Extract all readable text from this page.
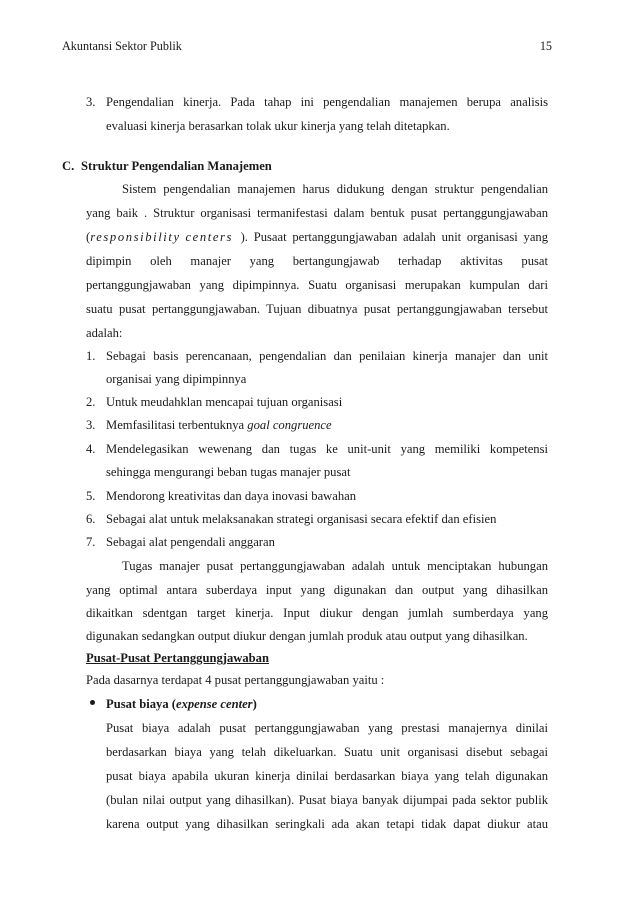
Akuntansi Sektor Publik	15
3. Pengendalian kinerja. Pada tahap ini pengendalian manajemen berupa analisis
evaluasi kinerja berasarkan tolak ukur kinerja yang telah ditetapkan.
C. Struktur Pengendalian Manajemen
Sistem pengendalian manajemen harus didukung dengan struktur pengendalian
yang baik . Struktur organisasi termanifestasi dalam bentuk pusat pertanggungjawaban
(responsibility centers ). Pusaat pertanggungjawaban adalah unit organisasi yang
dipimpin oleh manajer yang bertangungjawab terhadap aktivitas pusat
pertanggungjawaban yang dipimpinnya. Suatu organisasi merupakan kumpulan dari
suatu pusat pertanggungjawaban. Tujuan dibuatnya pusat pertanggungjawaban tersebut
adalah:
1. Sebagai basis perencanaan, pengendalian dan penilaian kinerja manajer dan unit
organisai yang dipimpinnya
2. Untuk meudahklan mencapai tujuan organisasi
3. Memfasilitasi terbentuknya goal congruence
4. Mendelegasikan wewenang dan tugas ke unit-unit yang memiliki kompetensi
sehingga mengurangi beban tugas manajer pusat
5. Mendorong kreativitas dan daya inovasi bawahan
6. Sebagai alat untuk melaksanakan strategi organisasi secara efektif dan efisien
7. Sebagai alat pengendali anggaran
Tugas manajer pusat pertanggungjawaban adalah untuk menciptakan hubungan
yang optimal antara suberdaya input yang digunakan dan output yang dihasilkan
dikaitkan sdentgan target kinerja. Input diukur dengan jumlah sumberdaya yang
digunakan sedangkan output diukur dengan jumlah produk atau output yang dihasilkan.
Pusat-Pusat Pertanggungjawaban
Pada dasarnya terdapat 4 pusat pertanggungjawaban yaitu :
Pusat biaya (expense center)
Pusat biaya adalah pusat pertanggungjawaban yang prestasi manajernya dinilai
berdasarkan biaya yang telah dikeluarkan. Suatu unit organisasi disebut sebagai
pusat biaya apabila ukuran kinerja dinilai berdasarkan biaya yang telah digunakan
(bulan nilai output yang dihasilkan). Pusat biaya banyak dijumpai pada sektor publik
karena output yang dihasilkan seringkali ada akan tetapi tidak dapat diukur atau
